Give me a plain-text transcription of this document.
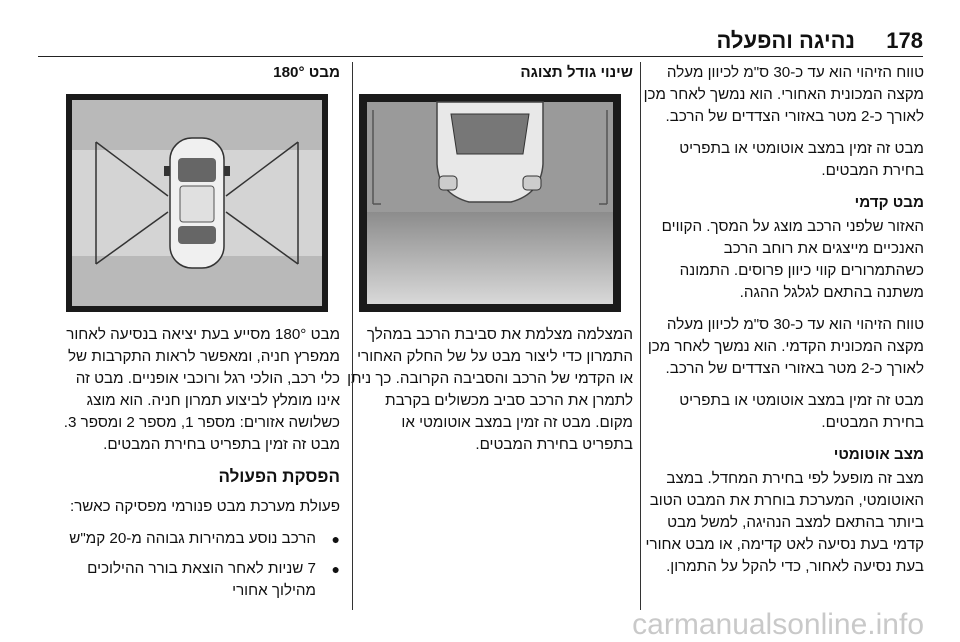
178
נהיגה והפעלה

טווח הזיהוי הוא עד כ-30 ס"מ לכיוון מעלה מקצה המכונית האחורי. הוא נמשך לאחר מכן לאורך כ-2 מטר באזורי הצדדים של הרכב.

מבט זה זמין במצב אוטומטי או בתפריט בחירת המבטים.

מבט קדמי

האזור שלפני הרכב מוצג על המסך. הקווים האנכיים מייצגים את רוחב הרכב כשהתמרורים קווי כיוון פרוסים. התמונה משתנה בהתאם לגלגל ההגה.

טווח הזיהוי הוא עד כ-30 ס"מ לכיוון מעלה מקצה המכונית הקדמי. הוא נמשך לאחר מכן לאורך כ-2 מטר באזורי הצדדים של הרכב.

מבט זה זמין במצב אוטומטי או בתפריט בחירת המבטים.

מצב אוטומטי

מצב זה מופעל לפי בחירת המחדל. במצב האוטומטי, המערכת בוחרת את המבט הטוב ביותר בהתאם למצב הנהיגה, למשל מבט קדמי בעת נסיעה לאט קדימה, או מבט אחורי בעת נסיעה לאחור, כדי להקל על התמרון.

שינוי גודל תצוגה

המצלמה מצלמת את סביבת הרכב במהלך התמרון כדי ליצור מבט על של החלק האחורי או הקדמי של הרכב והסביבה הקרובה. כך ניתן לתמרן את הרכב סביב מכשולים בקרבת מקום. מבט זה זמין במצב אוטומטי או בתפריט בחירת המבטים.

מבט 180°

מבט 180° מסייע בעת יציאה בנסיעה לאחור ממפרץ חניה, ומאפשר לראות התקרבות של כלי רכב, הולכי רגל ורוכבי אופניים. מבט זה אינו מומלץ לביצוע תמרון חניה. הוא מוצג כשלושה אזורים: מספר 1, מספר 2 ומספר 3. מבט זה זמין בתפריט בחירת המבטים.

הפסקת הפעולה

פעולת מערכת מבט פנורמי מפסיקה כאשר:

● הרכב נוסע במהירות גבוהה מ-20 קמ"ש
● 7 שניות לאחר הוצאת בורר ההילוכים מהילוך אחורי
carmanualsonline.info
